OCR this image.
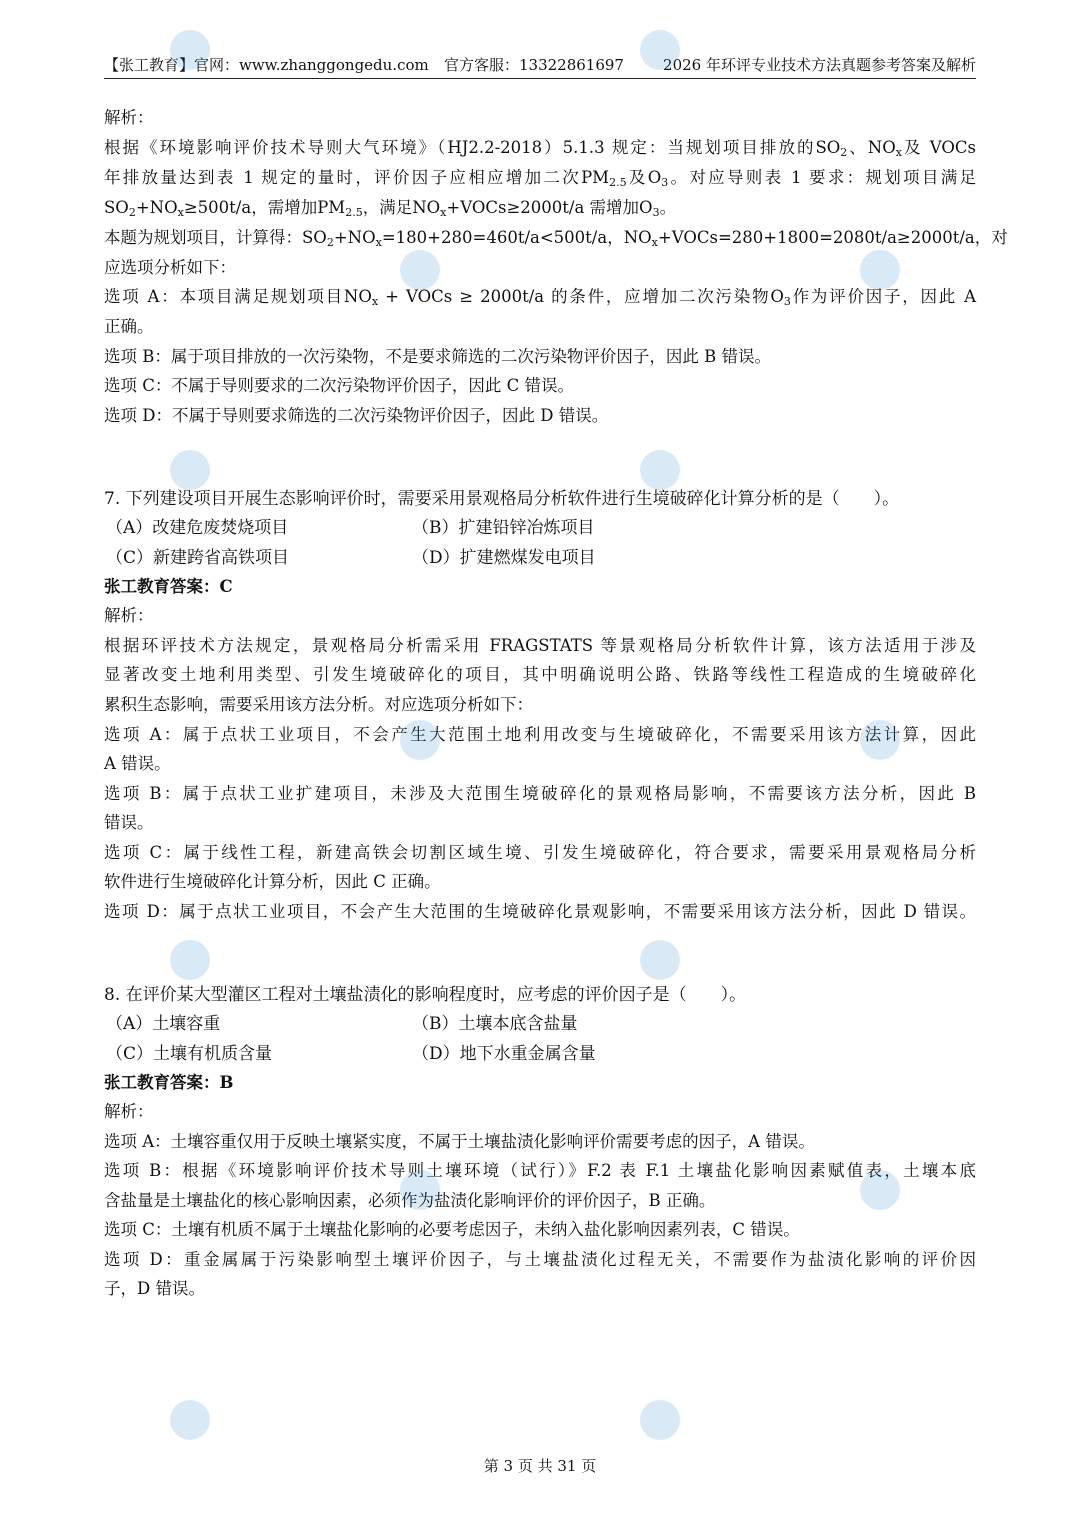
【张工教育】官网：www.zhanggongedu.com 官方客服：13322861697	2026 年环评专业技术方法真题参考答案及解析
解析：
根据《环境影响评价技术导则大气环境》（HJ2.2-2018）5.1.3 规定：当规划项目排放的$SO_2$、$NO_x$及 VOCs
年排放量达到表 1 规定的量时，评价因子应相应增加二次$PM_{2.5}$及$O_3$。对应导则表 1 要求：规划项目满足
$SO_2+NO_x\ge 500t/a$，需增加$PM_{2.5}$，满足$NO_x+VOCs\ge 2000t/a$ 需增加$O_3$。
本题为规划项目，计算得：$SO_2+NO_x=180+280=460t/a<500t/a$，$NO_x+VOCs=280+1800=2080t/a\ge 2000t/a$，对
应选项分析如下：
选项 A：本项目满足规划项目$NO_x$ + VOCs ≥ 2000t/a 的条件，应增加二次污染物$O_3$作为评价因子，因此 A
正确。
选项 B：属于项目排放的一次污染物，不是要求筛选的二次污染物评价因子，因此 B 错误。
选项 C：不属于导则要求的二次污染物评价因子，因此 C 错误。
选项 D：不属于导则要求筛选的二次污染物评价因子，因此 D 错误。
7. 下列建设项目开展生态影响评价时，需要采用景观格局分析软件进行生境破碎化计算分析的是（　　）。
（A）改建危废焚烧项目	（B）扩建铅锌冶炼项目
（C）新建跨省高铁项目	（D）扩建燃煤发电项目
张工教育答案：C
解析：
根据环评技术方法规定，景观格局分析需采用 FRAGSTATS 等景观格局分析软件计算，该方法适用于涉及
显著改变土地利用类型、引发生境破碎化的项目，其中明确说明公路、铁路等线性工程造成的生境破碎化
累积生态影响，需要采用该方法分析。对应选项分析如下：
选项 A：属于点状工业项目，不会产生大范围土地利用改变与生境破碎化，不需要采用该方法计算，因此
A 错误。
选项 B：属于点状工业扩建项目，未涉及大范围生境破碎化的景观格局影响，不需要该方法分析，因此 B
错误。
选项 C：属于线性工程，新建高铁会切割区域生境、引发生境破碎化，符合要求，需要采用景观格局分析
软件进行生境破碎化计算分析，因此 C 正确。
选项 D：属于点状工业项目，不会产生大范围的生境破碎化景观影响，不需要采用该方法分析，因此 D 错误。
8. 在评价某大型灌区工程对土壤盐渍化的影响程度时，应考虑的评价因子是（　　）。
（A）土壤容重	（B）土壤本底含盐量
（C）土壤有机质含量	（D）地下水重金属含量
张工教育答案：B
解析：
选项 A：土壤容重仅用于反映土壤紧实度，不属于土壤盐渍化影响评价需要考虑的因子，A 错误。
选项 B：根据《环境影响评价技术导则土壤环境（试行）》F.2 表 F.1 土壤盐化影响因素赋值表，土壤本底
含盐量是土壤盐化的核心影响因素，必须作为盐渍化影响评价的评价因子，B 正确。
选项 C：土壤有机质不属于土壤盐化影响的必要考虑因子，未纳入盐化影响因素列表，C 错误。
选项 D：重金属属于污染影响型土壤评价因子，与土壤盐渍化过程无关，不需要作为盐渍化影响的评价因
子，D 错误。
第 3 页 共 31 页
